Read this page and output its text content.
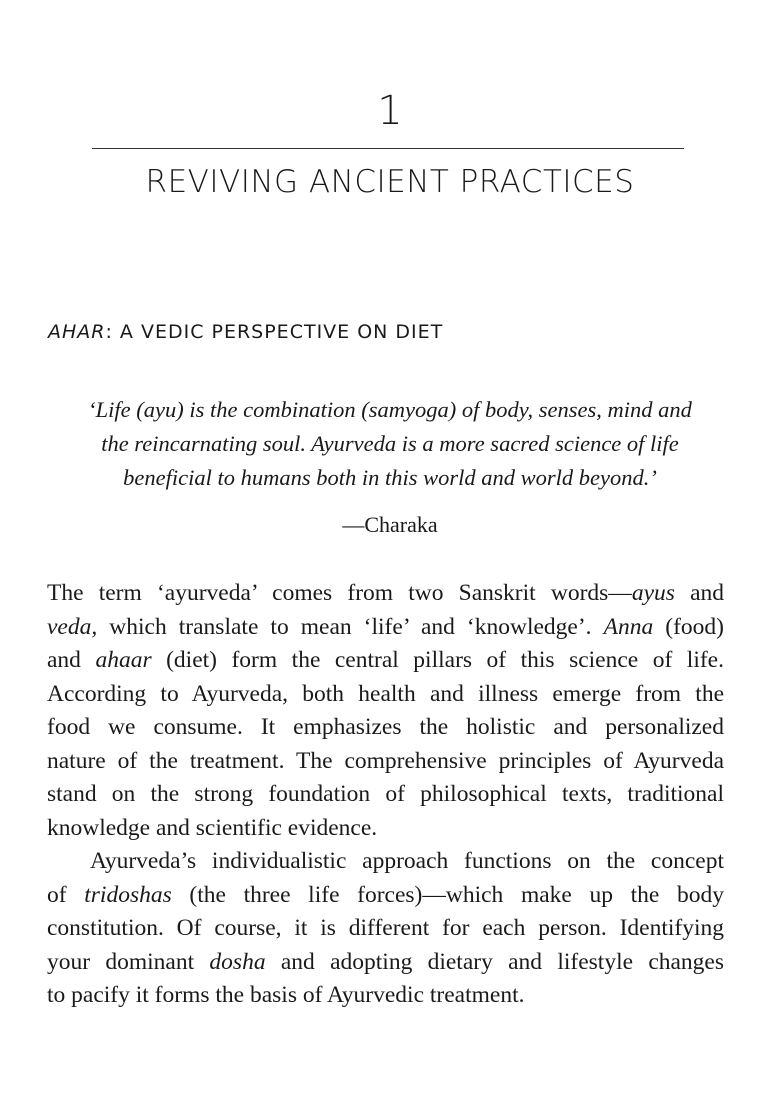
1
REVIVING ANCIENT PRACTICES
AHAR: A VEDIC PERSPECTIVE ON DIET
‘Life (ayu) is the combination (samyoga) of body, senses, mind and
the reincarnating soul. Ayurveda is a more sacred science of life
beneficial to humans both in this world and world beyond.’
—Charaka
The term ‘ayurveda’ comes from two Sanskrit words—ayus and
veda, which translate to mean ‘life’ and ‘knowledge’. Anna (food)
and ahaar (diet) form the central pillars of this science of life.
According to Ayurveda, both health and illness emerge from the
food we consume. It emphasizes the holistic and personalized
nature of the treatment. The comprehensive principles of Ayurveda
stand on the strong foundation of philosophical texts, traditional
knowledge and scientific evidence.
Ayurveda’s individualistic approach functions on the concept
of tridoshas (the three life forces)—which make up the body
constitution. Of course, it is different for each person. Identifying
your dominant dosha and adopting dietary and lifestyle changes
to pacify it forms the basis of Ayurvedic treatment.
